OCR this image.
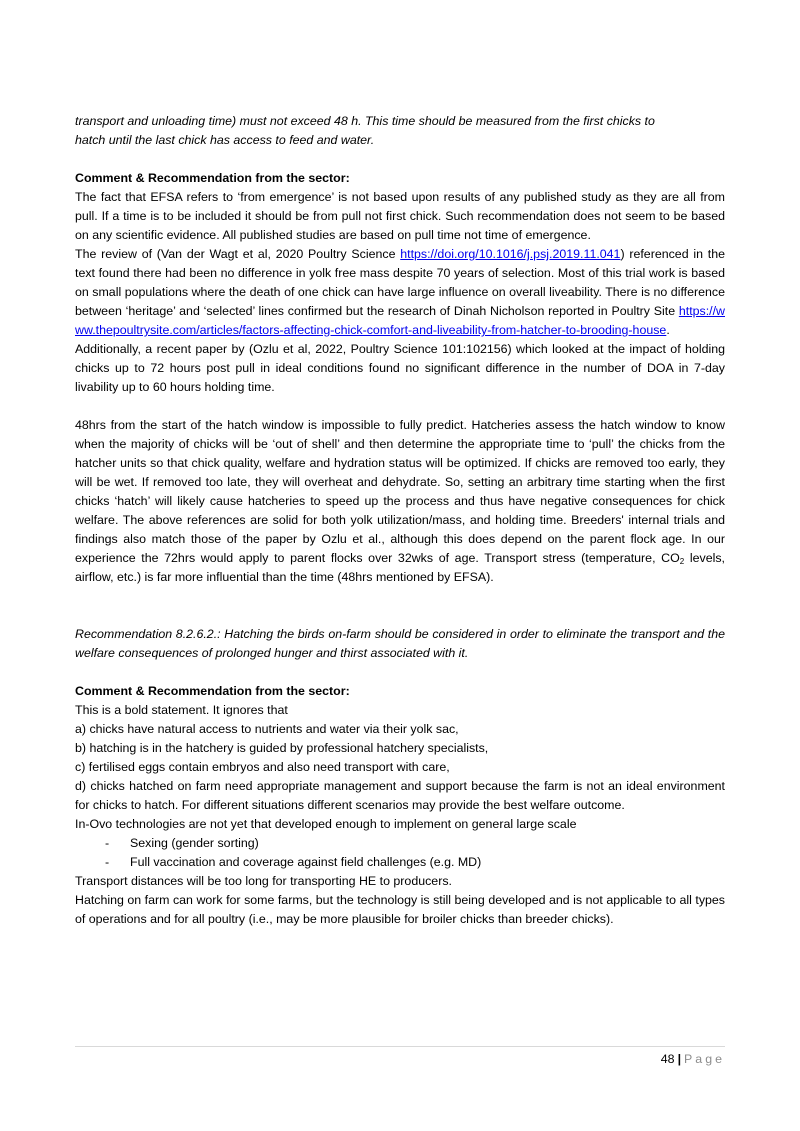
transport and unloading time) must not exceed 48 h. This time should be measured from the first chicks to

hatch until the last chick has access to feed and water.

Comment & Recommendation from the sector:

The fact that EFSA refers to ‘from emergence’ is not based upon results of any published study as they are all from pull. If a time is to be included it should be from pull not first chick. Such recommendation does not seem to be based on any scientific evidence. All published studies are based on pull time not time of emergence.

The review of (Van der Wagt et al, 2020 Poultry Science https://doi.org/10.1016/j.psj.2019.11.041) referenced in the text found there had been no difference in yolk free mass despite 70 years of selection. Most of this trial work is based on small populations where the death of one chick can have large influence on overall liveability. There is no difference between ‘heritage’ and ‘selected’ lines confirmed but the research of Dinah Nicholson reported in Poultry Site https://www.thepoultrysite.com/articles/factors-affecting-chick-comfort-and-liveability-from-hatcher-to-brooding-house.

Additionally, a recent paper by (Ozlu et al, 2022, Poultry Science 101:102156) which looked at the impact of holding chicks up to 72 hours post pull in ideal conditions found no significant difference in the number of DOA in 7-day livability up to 60 hours holding time.

48hrs from the start of the hatch window is impossible to fully predict. Hatcheries assess the hatch window to know when the majority of chicks will be ‘out of shell’ and then determine the appropriate time to ‘pull’ the chicks from the hatcher units so that chick quality, welfare and hydration status will be optimized. If chicks are removed too early, they will be wet. If removed too late, they will overheat and dehydrate. So, setting an arbitrary time starting when the first chicks ‘hatch’ will likely cause hatcheries to speed up the process and thus have negative consequences for chick welfare. The above references are solid for both yolk utilization/mass, and holding time. Breeders' internal trials and findings also match those of the paper by Ozlu et al., although this does depend on the parent flock age. In our experience the 72hrs would apply to parent flocks over 32wks of age. Transport stress (temperature, $CO_2$ levels, airflow, etc.) is far more influential than the time (48hrs mentioned by EFSA).

Recommendation 8.2.6.2.: Hatching the birds on-farm should be considered in order to eliminate the transport and the welfare consequences of prolonged hunger and thirst associated with it.

Comment & Recommendation from the sector:

This is a bold statement. It ignores that

a) chicks have natural access to nutrients and water via their yolk sac,

b) hatching is in the hatchery is guided by professional hatchery specialists,

c) fertilised eggs contain embryos and also need transport with care,

d) chicks hatched on farm need appropriate management and support because the farm is not an ideal environment for chicks to hatch. For different situations different scenarios may provide the best welfare outcome.

In-Ovo technologies are not yet that developed enough to implement on general large scale

-	Sexing (gender sorting)
-	Full vaccination and coverage against field challenges (e.g. MD)

Transport distances will be too long for transporting HE to producers.

Hatching on farm can work for some farms, but the technology is still being developed and is not applicable to all types of operations and for all poultry (i.e., may be more plausible for broiler chicks than breeder chicks).

48 | Page
